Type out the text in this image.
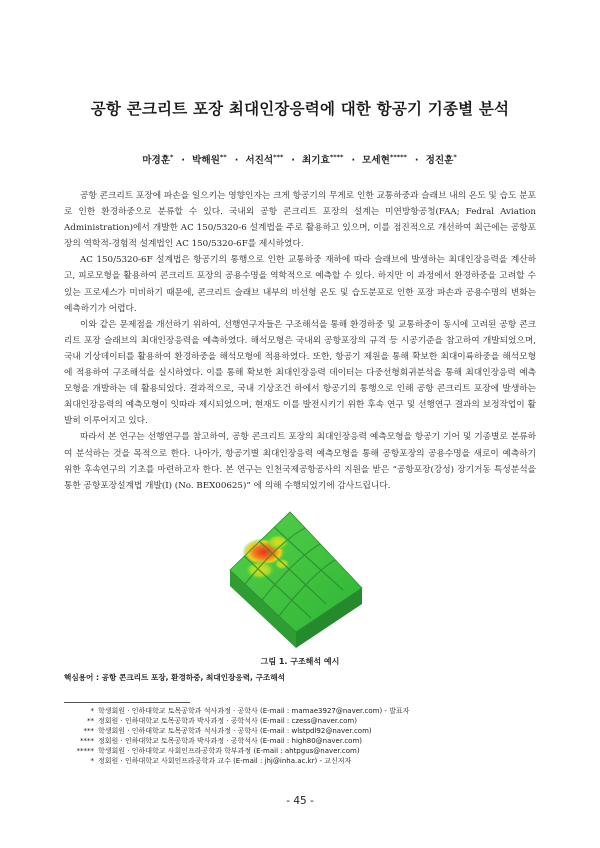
공항 콘크리트 포장 최대인장응력에 대한 항공기 기종별 분석
마경훈* · 박해원** · 서진석*** · 최기효**** · 모세현***** · 정진훈*

공항 콘크리트 포장에 파손을 일으키는 영향인자는 크게 항공기의 무게로 인한 교통하중과 슬래브 내의 온도 및 습도 분포로 인한 환경하중으로 분류할 수 있다. 국내외 공항 콘크리트 포장의 설계는 미연방항공청(FAA; Fedral Aviation Administration)에서 개발한 AC 150/5320-6 설계법을 주로 활용하고 있으며, 이를 점진적으로 개선하여 최근에는 공항포장의 역학적-경험적 설계법인 AC 150/5320-6F를 제시하였다.

AC 150/5320-6F 설계법은 항공기의 통행으로 인한 교통하중 재하에 따라 슬래브에 발생하는 최대인장응력을 계산하고, 피로모형을 활용하여 콘크리트 포장의 공용수명을 역학적으로 예측할 수 있다. 하지만 이 과정에서 환경하중을 고려할 수 있는 프로세스가 미비하기 때문에, 콘크리트 슬래브 내부의 비선형 온도 및 습도분포로 인한 포장 파손과 공용수명의 변화는 예측하기가 어렵다.

이와 같은 문제점을 개선하기 위하여, 선행연구자들은 구조해석을 통해 환경하중 및 교통하중이 동시에 고려된 공항 콘크리트 포장 슬래브의 최대인장응력을 예측하였다. 해석모형은 국내외 공항포장의 규격 등 시공기준을 참고하여 개발되었으며, 국내 기상데이터를 활용하여 환경하중을 해석모형에 적용하였다. 또한, 항공기 제원을 통해 확보한 최대이륙하중을 해석모형에 적용하여 구조해석을 실시하였다. 이를 통해 확보한 최대인장응력 데이터는 다중선형회귀분석을 통해 최대인장응력 예측모형을 개발하는 데 활용되었다. 결과적으로, 국내 기상조건 하에서 항공기의 통행으로 인해 공항 콘크리트 포장에 발생하는 최대인장응력의 예측모형이 잇따라 제시되었으며, 현재도 이를 발전시키기 위한 후속 연구 및 선행연구 결과의 보정작업이 활발히 이루어지고 있다.

따라서 본 연구는 선행연구를 참고하여, 공항 콘크리트 포장의 최대인장응력 예측모형을 항공기 기어 및 기종별로 분류하여 분석하는 것을 목적으로 한다. 나아가, 항공기별 최대인장응력 예측모형을 통해 공항포장의 공용수명을 새로이 예측하기 위한 후속연구의 기초를 마련하고자 한다. 본 연구는 인천국제공항공사의 지원을 받은 “공항포장(강성) 장기거동 특성분석을 통한 공항포장설계법 개발(I) (No. BEX00625)” 에 의해 수행되었기에 감사드립니다.

그림 1. 구조해석 예시
핵심용어 : 공항 콘크리트 포장, 환경하중, 최대인장응력, 구조해석
* 학생회원 · 인하대학교 토목공학과 석사과정 · 공학사 (E-mail : mamae3927@naver.com) - 발표자
** 정회원 · 인하대학교 토목공학과 박사과정 · 공학석사 (E-mail : czess@naver.com)
*** 학생회원 · 인하대학교 토목공학과 석사과정 · 공학사 (E-mail : wlstpdl92@naver.com)
**** 정회원 · 인하대학교 토목공학과 박사과정 · 공학석사 (E-mail : high80@naver.com)
***** 학생회원 · 인하대학교 사회인프라공학과 학부과정 (E-mail : ahtpgus@naver.com)
* 정회원 · 인하대학교 사회인프라공학과 교수 (E-mail : jhj@inha.ac.kr) - 교신저자
- 45 -
